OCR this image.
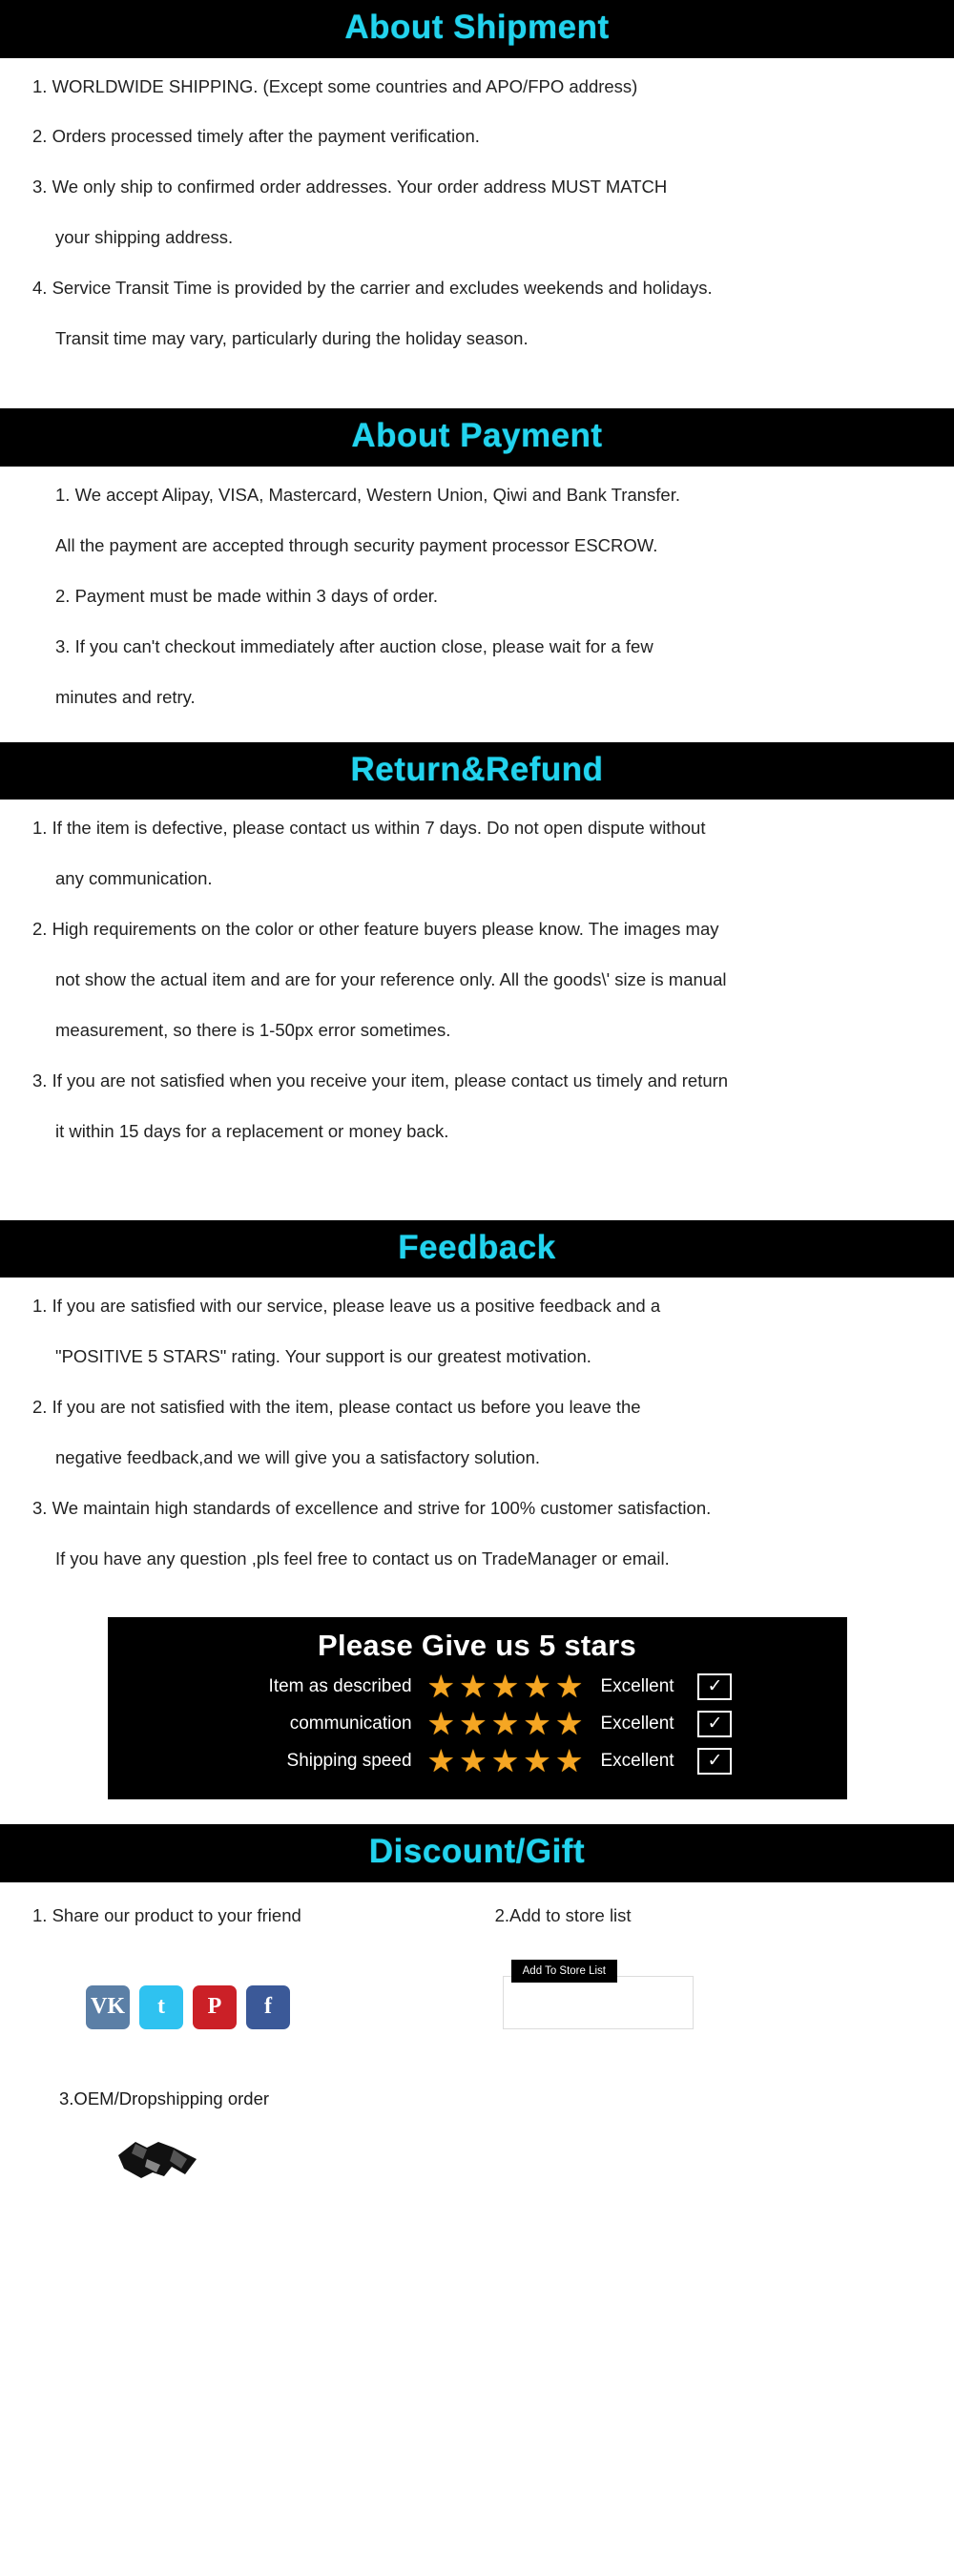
About Shipment

1. WORLDWIDE SHIPPING. (Except some countries and APO/FPO address)

2. Orders processed timely after the payment verification.

3. We only ship to confirmed order addresses. Your order address MUST MATCH

your shipping address.

4. Service Transit Time is provided by the carrier and excludes weekends and holidays.

Transit time may vary, particularly during the holiday season.

About Payment

1. We accept Alipay, VISA, Mastercard, Western Union, Qiwi and Bank Transfer.

All the payment are accepted through security payment processor ESCROW.

2. Payment must be made within 3 days of order.

3. If you can't checkout immediately after auction close, please wait for a few

minutes and retry.

Return&Refund

1. If the item is defective, please contact us within 7 days. Do not open dispute without

any communication.

2. High requirements on the color or other feature buyers please know. The images may

not show the actual item and are for your reference only. All the goods\' size is manual

measurement, so there is 1-50px error sometimes.

3. If you are not satisfied when you receive your item, please contact us timely and return

it within 15 days for a replacement or money back.

Feedback

1. If you are satisfied with our service, please leave us a positive feedback and a

"POSITIVE 5 STARS" rating. Your support is our greatest motivation.

2. If you are not satisfied with the item, please contact us before you leave the

negative feedback,and we will give you a satisfactory solution.

3. We maintain high standards of excellence and strive for 100% customer satisfaction.

If you have any question ,pls feel free to contact us on TradeManager or email.

Please Give us 5 stars
Item as described ★ ★ ★ ★ ★ Excellent	✓
communication ★ ★ ★ ★ ★ Excellent	✓
Shipping speed ★ ★ ★ ★ ★ Excellent	✓
Discount/Gift
1. Share our product to your friend
VK	t	P	f
2.Add to store list
Add To Store List
3.OEM/Dropshipping order
